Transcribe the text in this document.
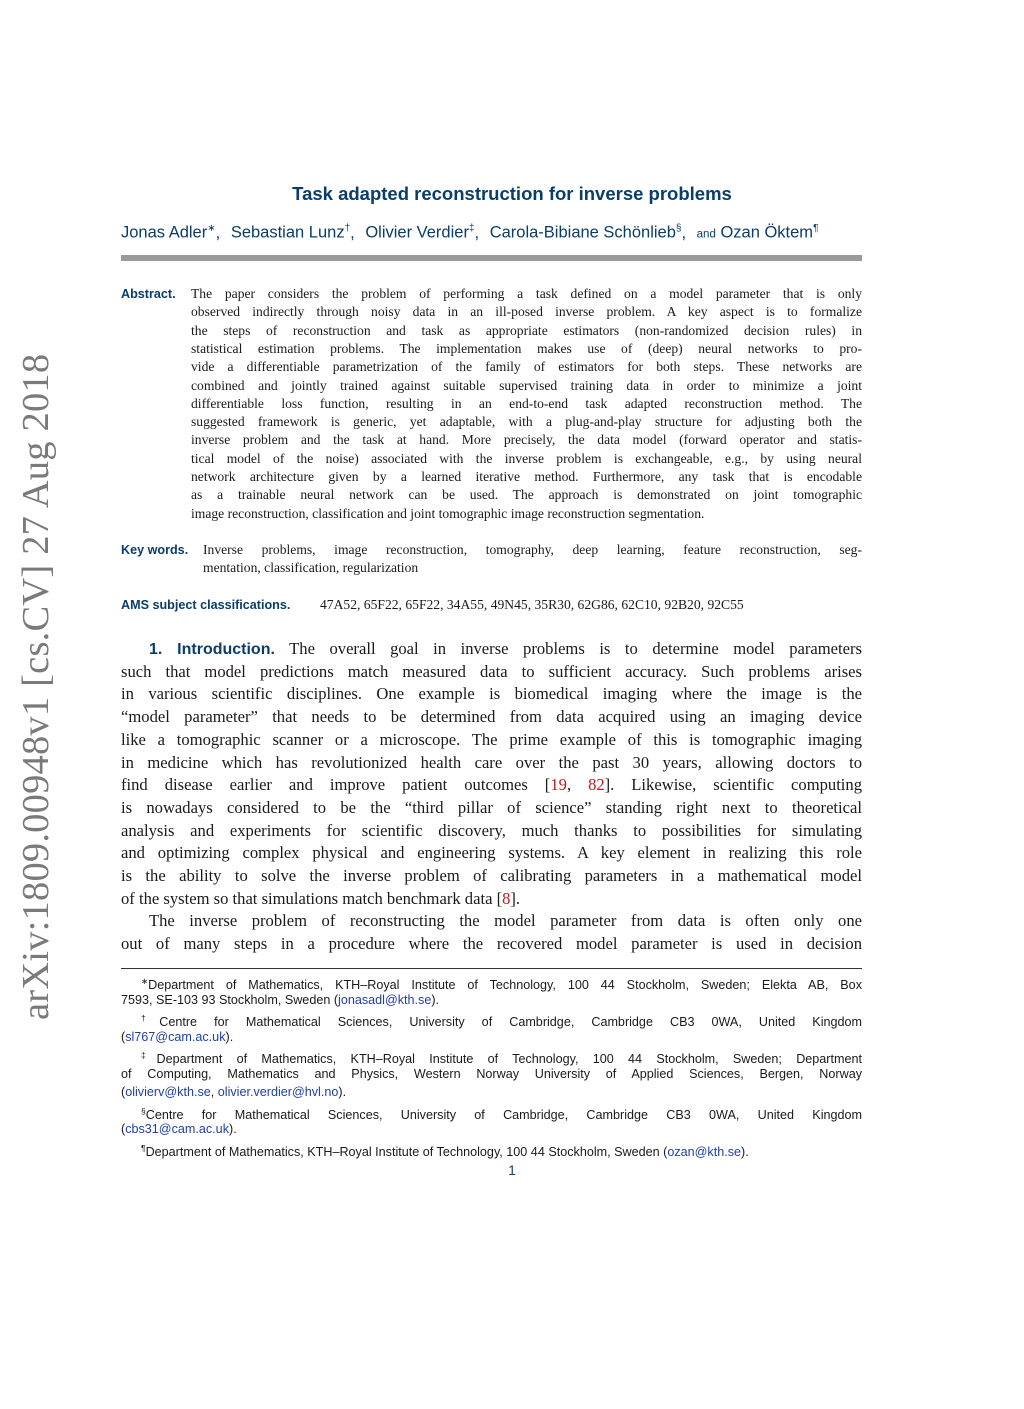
arXiv:1809.00948v1 [cs.CV] 27 Aug 2018
Task adapted reconstruction for inverse problems
Jonas Adler∗, Sebastian Lunz†, Olivier Verdier‡, Carola-Bibiane Schönlieb§, and Ozan Öktem¶
Abstract. The paper considers the problem of performing a task defined on a model parameter that is only
observed indirectly through noisy data in an ill-posed inverse problem. A key aspect is to formalize
the steps of reconstruction and task as appropriate estimators (non-randomized decision rules) in
statistical estimation problems. The implementation makes use of (deep) neural networks to pro-
vide a differentiable parametrization of the family of estimators for both steps. These networks are
combined and jointly trained against suitable supervised training data in order to minimize a joint
differentiable loss function, resulting in an end-to-end task adapted reconstruction method. The
suggested framework is generic, yet adaptable, with a plug-and-play structure for adjusting both the
inverse problem and the task at hand. More precisely, the data model (forward operator and statis-
tical model of the noise) associated with the inverse problem is exchangeable, e.g., by using neural
network architecture given by a learned iterative method. Furthermore, any task that is encodable
as a trainable neural network can be used. The approach is demonstrated on joint tomographic
image reconstruction, classification and joint tomographic image reconstruction segmentation.
Key words. Inverse problems, image reconstruction, tomography, deep learning, feature reconstruction, seg-
mentation, classification, regularization
AMS subject classifications. 47A52, 65F22, 65F22, 34A55, 49N45, 35R30, 62G86, 62C10, 92B20, 92C55
1. Introduction. The overall goal in inverse problems is to determine model parameters
such that model predictions match measured data to sufficient accuracy. Such problems arises
in various scientific disciplines. One example is biomedical imaging where the image is the
“model parameter” that needs to be determined from data acquired using an imaging device
like a tomographic scanner or a microscope. The prime example of this is tomographic imaging
in medicine which has revolutionized health care over the past 30 years, allowing doctors to
find disease earlier and improve patient outcomes [19, 82]. Likewise, scientific computing
is nowadays considered to be the “third pillar of science” standing right next to theoretical
analysis and experiments for scientific discovery, much thanks to possibilities for simulating
and optimizing complex physical and engineering systems. A key element in realizing this role
is the ability to solve the inverse problem of calibrating parameters in a mathematical model
of the system so that simulations match benchmark data [8].
The inverse problem of reconstructing the model parameter from data is often only one
out of many steps in a procedure where the recovered model parameter is used in decision
∗Department of Mathematics, KTH–Royal Institute of Technology, 100 44 Stockholm, Sweden; Elekta AB, Box
7593, SE-103 93 Stockholm, Sweden (jonasadl@kth.se).
†Centre for Mathematical Sciences, University of Cambridge, Cambridge CB3 0WA, United Kingdom
(sl767@cam.ac.uk).
‡Department of Mathematics, KTH–Royal Institute of Technology, 100 44 Stockholm, Sweden; Department
of Computing, Mathematics and Physics, Western Norway University of Applied Sciences, Bergen, Norway
(olivierv@kth.se, olivier.verdier@hvl.no).
§Centre for Mathematical Sciences, University of Cambridge, Cambridge CB3 0WA, United Kingdom
(cbs31@cam.ac.uk).
¶Department of Mathematics, KTH–Royal Institute of Technology, 100 44 Stockholm, Sweden (ozan@kth.se).
1
